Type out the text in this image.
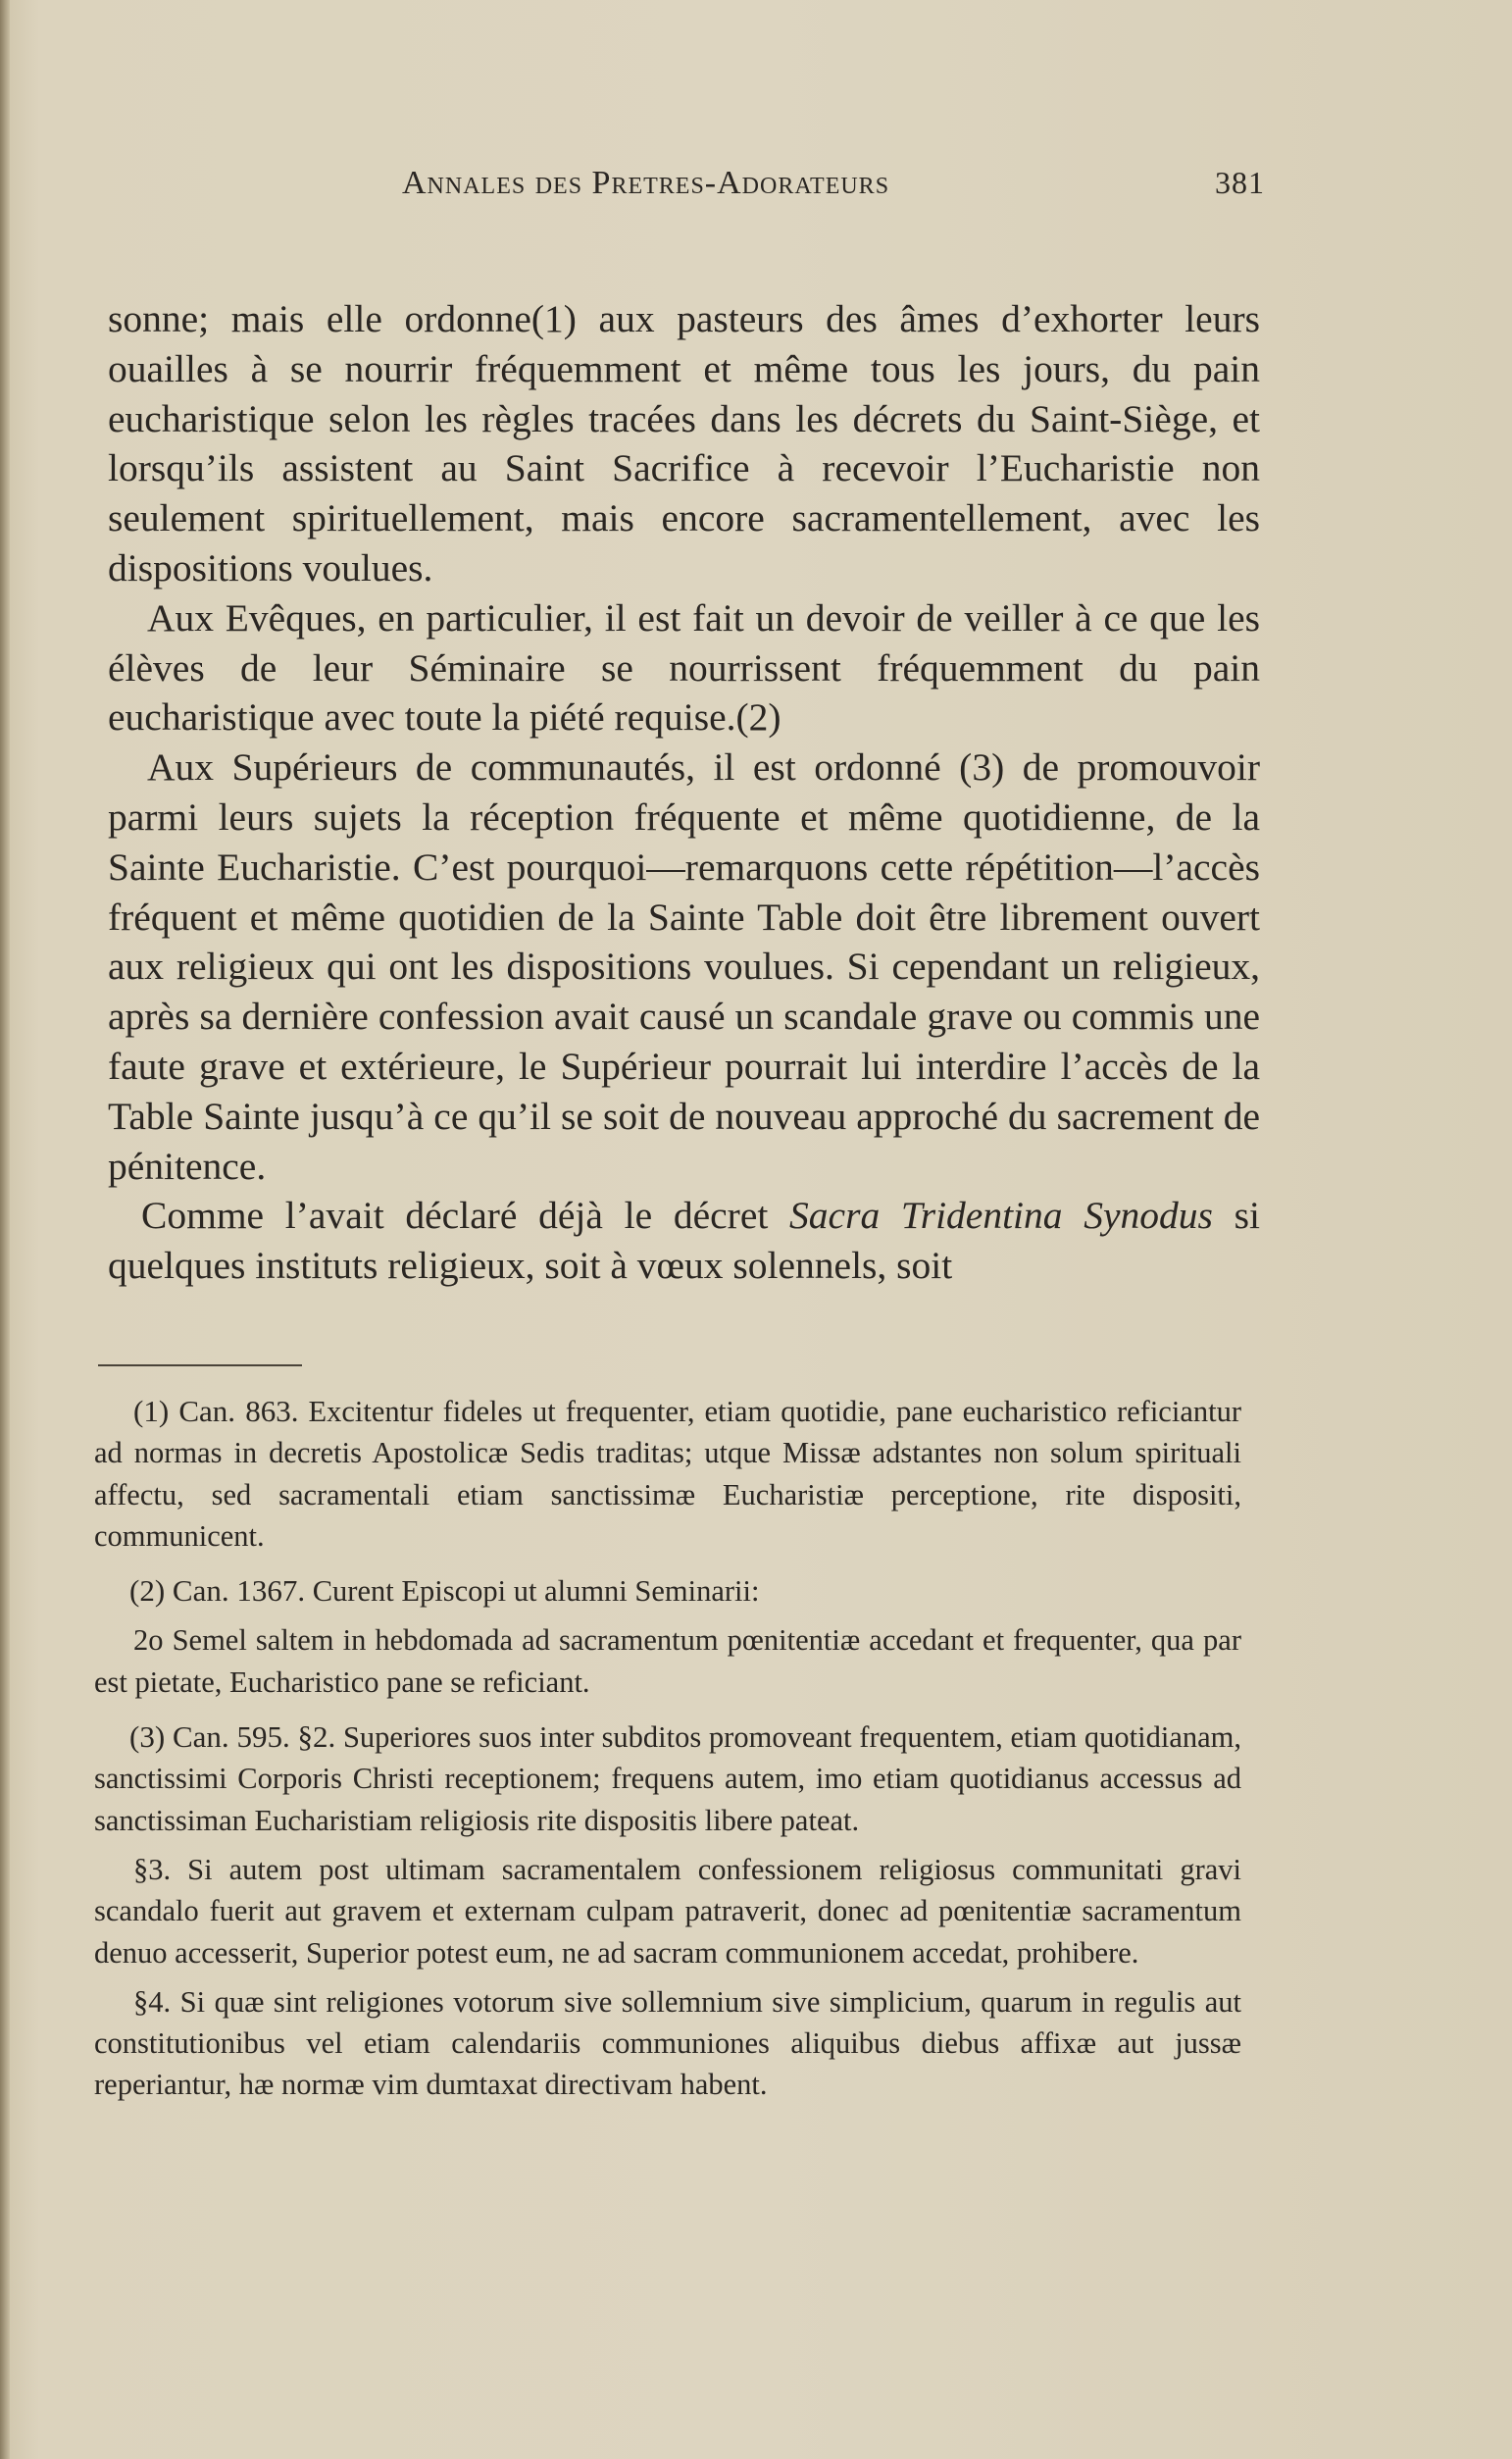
Annales des Pretres-Adorateurs	381

sonne; mais elle ordonne(1) aux pasteurs des âmes d’exhorter leurs ouailles à se nourrir fréquemment et même tous les jours, du pain eucharistique selon les règles tracées dans les décrets du Saint-Siège, et lorsqu’ils assistent au Saint Sacrifice à recevoir l’Eucharistie non seulement spirituellement, mais encore sacramentellement, avec les dispositions voulues.

Aux Evêques, en particulier, il est fait un devoir de veiller à ce que les élèves de leur Séminaire se nourrissent fréquemment du pain eucharistique avec toute la piété requise.(2)

Aux Supérieurs de communautés, il est ordonné (3) de promouvoir parmi leurs sujets la réception fréquente et même quotidienne, de la Sainte Eucharistie. C’est pourquoi—remarquons cette répétition—l’accès fréquent et même quotidien de la Sainte Table doit être librement ouvert aux religieux qui ont les dispositions voulues. Si cependant un religieux, après sa dernière confession avait causé un scandale grave ou commis une faute grave et extérieure, le Supérieur pourrait lui interdire l’accès de la Table Sainte jusqu’à ce qu’il se soit de nouveau approché du sacrement de pénitence.

Comme l’avait déclaré déjà le décret Sacra Tridentina Synodus si quelques instituts religieux, soit à vœux solennels, soit

(1) Can. 863. Excitentur fideles ut frequenter, etiam quotidie, pane eucharistico reficiantur ad normas in decretis Apostolicæ Sedis traditas; utque Missæ adstantes non solum spirituali affectu, sed sacramentali etiam sanctissimæ Eucharistiæ perceptione, rite dispositi, communicent.

(2) Can. 1367. Curent Episcopi ut alumni Seminarii:

2o Semel saltem in hebdomada ad sacramentum pœnitentiæ accedant et frequenter, qua par est pietate, Eucharistico pane se reficiant.

(3) Can. 595. §2. Superiores suos inter subditos promoveant frequentem, etiam quotidianam, sanctissimi Corporis Christi receptionem; frequens autem, imo etiam quotidianus accessus ad sanctissiman Eucharistiam religiosis rite dispositis libere pateat.

§3. Si autem post ultimam sacramentalem confessionem religiosus communitati gravi scandalo fuerit aut gravem et externam culpam patraverit, donec ad pœnitentiæ sacramentum denuo accesserit, Superior potest eum, ne ad sacram communionem accedat, prohibere.

§4. Si quæ sint religiones votorum sive sollemnium sive simplicium, quarum in regulis aut constitutionibus vel etiam calendariis communiones aliquibus diebus affixæ aut jussæ reperiantur, hæ normæ vim dumtaxat directivam habent.
